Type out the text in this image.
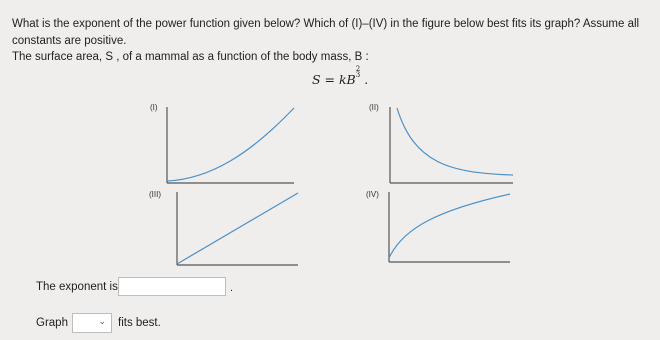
What is the exponent of the power function given below? Which of (I)–(IV) in the figure below best fits its graph? Assume all constants are positive.

The surface area, S , of a mammal as a function of the body mass, B :

S = kB2
3 .
(I)	(II)
(III)	(IV)
The exponent is	.
Graph	⌄ fits best.
